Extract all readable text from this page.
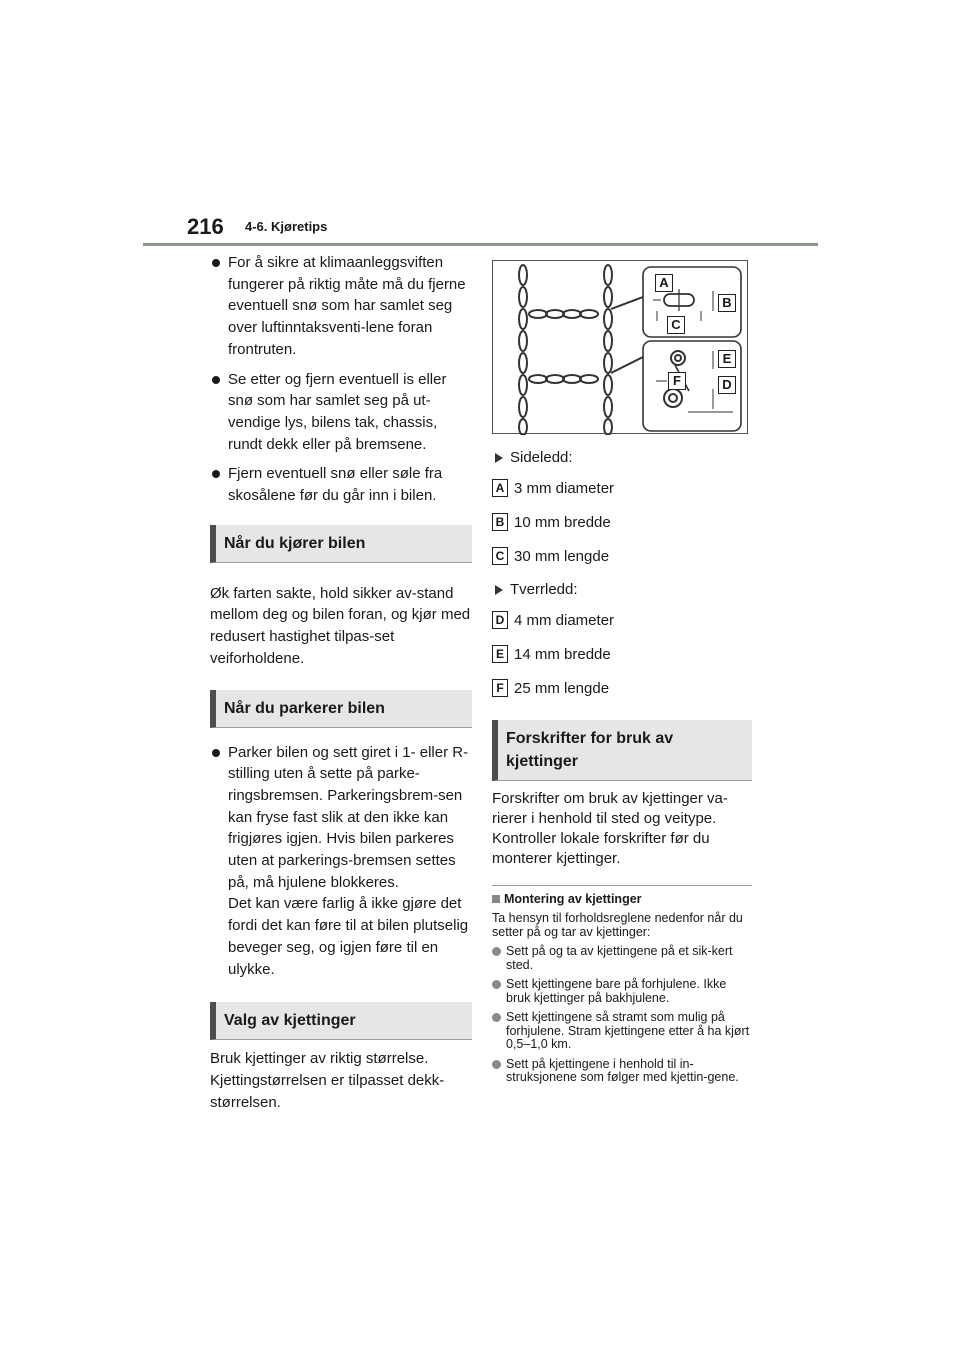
216 4-6. Kjøretips
For å sikre at klimaanleggsviften fungerer på riktig måte må du fjerne eventuell snø som har samlet seg over luftinntaksventi-lene foran frontruten.
Se etter og fjern eventuell is eller snø som har samlet seg på ut-vendige lys, bilens tak, chassis, rundt dekk eller på bremsene.
Fjern eventuell snø eller søle fra skosålene før du går inn i bilen.
Når du kjører bilen

Øk farten sakte, hold sikker av-stand mellom deg og bilen foran, og kjør med redusert hastighet tilpas-set veiforholdene.

Når du parkerer bilen
Parker bilen og sett giret i 1- eller R-stilling uten å sette på parke-ringsbremsen. Parkeringsbrem-sen kan fryse fast slik at den ikke kan frigjøres igjen. Hvis bilen parkeres uten at parkerings-bremsen settes på, må hjulene blokkeres.
Det kan være farlig å ikke gjøre det fordi det kan føre til at bilen plutselig beveger seg, og igjen føre til en ulykke.
Valg av kjettinger

Bruk kjettinger av riktig størrelse. Kjettingstørrelsen er tilpasset dekk-størrelsen.

A
B
C
E
F	D
Sideledd:
A 3 mm diameter
B 10 mm bredde
C 30 mm lengde
Tverrledd:
D 4 mm diameter
E 14 mm bredde
F 25 mm lengde
Forskrifter for bruk av kjettinger

Forskrifter om bruk av kjettinger va-rierer i henhold til sted og veitype. Kontroller lokale forskrifter før du monterer kjettinger.

Montering av kjettinger

Ta hensyn til forholdsreglene nedenfor når du setter på og tar av kjettinger:

Sett på og ta av kjettingene på et sik-kert sted.
Sett kjettingene bare på forhjulene. Ikke bruk kjettinger på bakhjulene.
Sett kjettingene så stramt som mulig på forhjulene. Stram kjettingene etter å ha kjørt 0,5–1,0 km.
Sett på kjettingene i henhold til in-struksjonene som følger med kjettin-gene.
